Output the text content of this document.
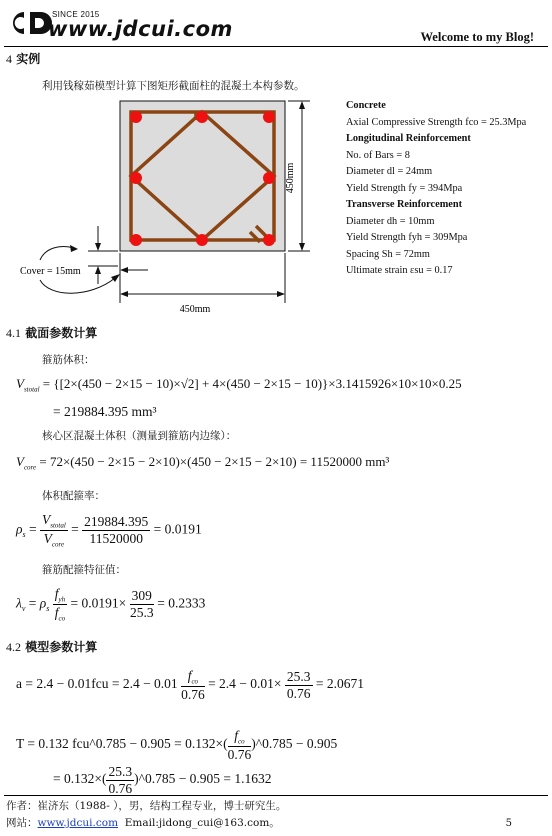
SINCE 2015
www.jdcui.com	Welcome to my Blog!
4 实例
利用钱稼茹模型计算下图矩形截面柱的混凝土本构参数。
450mm
450mm
Cover = 15mm
Concrete
Axial Compressive Strength fco = 25.3Mpa
Longitudinal Reinforcement
No. of Bars = 8
Diameter dl = 24mm
Yield Strength fy = 394Mpa
Transverse Reinforcement
Diameter dh = 10mm
Yield Strength fyh = 309Mpa
Spacing Sh = 72mm
Ultimate strain εsu = 0.17
4.1 截面参数计算
箍筋体积：
$V_{stotal} = \{[2\times(450 - 2\times 15 - 10)\times√2] + 4\times(450 - 2\times 15 - 10)\}\times 3.1415926\times 10\times 10\times 0.25$
= 219884.395 mm³
核心区混凝土体积（测量到箍筋内边缘）：
$V_{core} = 72\times(450 - 2\times 15 - 2\times 10)\times(450 - 2\times 15 - 2\times 10) = 11520000$ mm³
体积配箍率：
$\rho_s = \frac{V_{stotal}}{V_{core}} = \frac{219884.395}{11520000} = 0.0191$
箍筋配箍特征值：
$\lambda_v = \rho_s \frac{f_{yh}}{f_{co}} = 0.0191\times \frac{309}{25.3} = 0.2333$
4.2 模型参数计算
$a = 2.4 - 0.01fcu = 2.4 - 0.01 \frac{f_{co}}{0.76} = 2.4 - 0.01\times \frac{25.3}{0.76} = 2.0671$
T = 0.132 fcu^0.785 − $0.905 = 0.132\times( \frac{f_{co}}{0.76}$ )^0.785 − 0.905
= $0.132\times( \frac{25.3}{0.76}$ )^0.785 − 0.905 = 1.1632
作者：崔济东（1988- ），男，结构工程专业，博士研究生。
网站：www.jdcui.com Email:jidong_cui@163.com。	5
